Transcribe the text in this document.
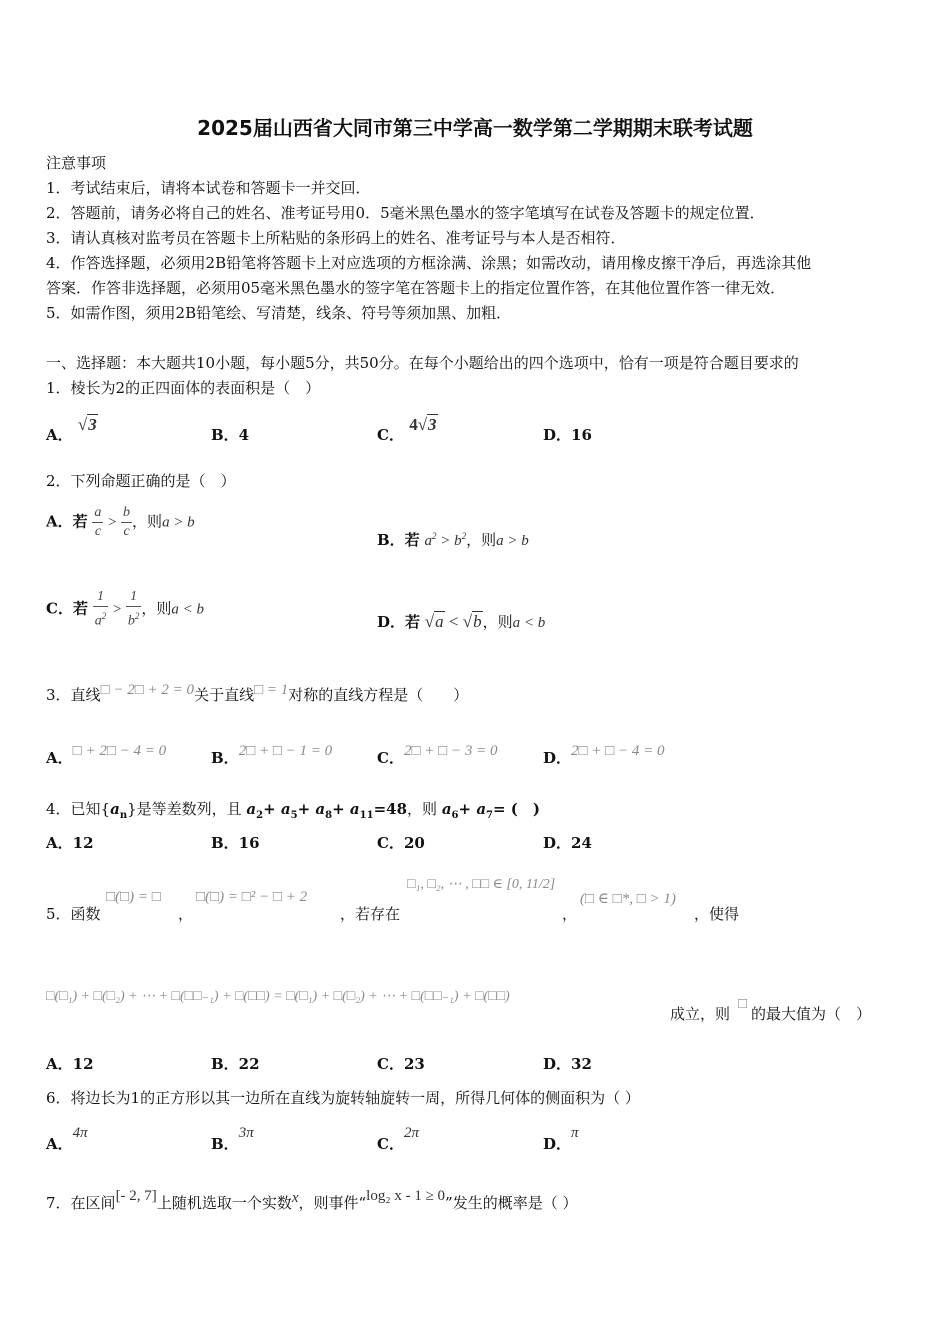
2025届山西省大同市第三中学高一数学第二学期期末联考试题
注意事项
1．考试结束后，请将本试卷和答题卡一并交回．
2．答题前，请务必将自己的姓名、准考证号用0．5毫米黑色墨水的签字笔填写在试卷及答题卡的规定位置．
3．请认真核对监考员在答题卡上所粘贴的条形码上的姓名、准考证号与本人是否相符．
4．作答选择题，必须用2B铅笔将答题卡上对应选项的方框涂满、涂黑；如需改动，请用橡皮擦干净后，再选涂其他
答案．作答非选择题，必须用05毫米黑色墨水的签字笔在答题卡上的指定位置作答，在其他位置作答一律无效．
5．如需作图，须用2B铅笔绘、写清楚，线条、符号等须加黑、加粗．
一、选择题：本大题共10小题，每小题5分，共50分。在每个小题给出的四个选项中，恰有一项是符合题目要求的
1．棱长为2的正四面体的表面积是（　）
A． √3
B．4	C． 4√3
D．16
2．下列命题正确的是（　）
A．若 $\frac{a}{c} > \frac{b}{c}$ ，则a > b
B．若 $a^2 > b^2$，则a > b
C．若 $\frac{1}{a^2} > \frac{1}{b^2}$ ，则a < b
D．若 √a < √b，则a < b
3．直线□ − 2□ + 2 = 0关于直线□ = 1对称的直线方程是（　　）
A．□ + 2□ − 4 = 0	B．2□ + □ − 1 = 0	C．2□ + □ − 3 = 0	D．2□ + □ − 4 = 0
4．已知$\{a_n\}$是等差数列，且 $a_2+ a_5+ a_8+ a_{11}=48$，则 $a_6+ a_7=$ (　)
A．12	B．16	C．20	D．24
5．函数
□(□) = □
，
□(□) = □² − □ + 2
，若存在
□₁, □₂, ⋯ , □□ ∈ [0, 11/2]
，
(□ ∈ □*, □ > 1)
，使得
□(□₁) + □(□₂) + ⋯ + □(□□₋₁) + □(□□) = □(□₁) + □(□₂) + ⋯ + □(□□₋₁) + □(□□)
成立，则
□
的最大值为（　）
A．12	B．22	C．23	D．32
6．将边长为1的正方形以其一边所在直线为旋转轴旋转一周，所得几何体的侧面积为（ ）
A．4π
B．3π
C．2π
D．π
7．在区间[- 2, 7]上随机选取一个实数x，则事件“log₂ x - 1 ≥ 0”发生的概率是（ ）
